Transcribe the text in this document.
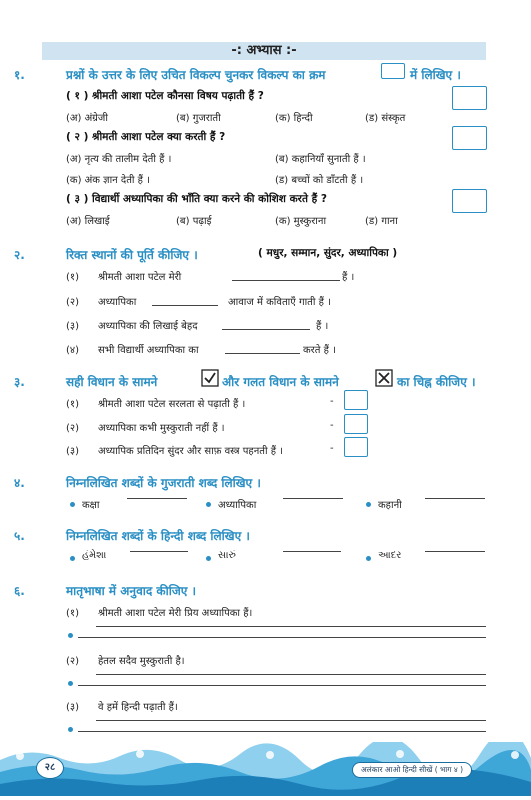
-: अभ्यास :-
१.	प्रश्नों के उत्तर के लिए उचित विकल्प चुनकर विकल्प का क्रम	में लिखिए ।
( १ ) श्रीमती आशा पटेल कौनसा विषय पढ़ाती हैं ?
(अ) अंग्रेजी	(ब) गुजराती	(क) हिन्दी	(ड) संस्कृत
( २ ) श्रीमती आशा पटेल क्या करती हैं ?
(अ) नृत्य की तालीम देती हैं ।	(ब) कहानियाँ सुनाती हैं ।
(क) अंक ज्ञान देती हैं ।	(ड) बच्चों को डाँटती हैं ।
( ३ ) विद्यार्थी अध्यापिका की भाँति क्या करने की कोशिश करते हैं ?
(अ) लिखाई	(ब) पढ़ाई	(क) मुस्कुराना	(ड) गाना
२.	रिक्त स्थानों की पूर्ति कीजिए ।	( मधुर, सम्मान, सुंदर, अध्यापिका )
(१) श्रीमती आशा पटेल मेरी	हैं ।
(२) अध्यापिका	आवाज में कविताएँ गाती हैं ।
(३) अध्यापिका की लिखाई बेहद	हैं ।
(४) सभी विद्यार्थी अध्यापिका का	करते हैं ।
३.	सही विधान के सामने	और गलत विधान के सामने	का चिह्न कीजिए ।
(१) श्रीमती आशा पटेल सरलता से पढ़ाती हैं ।	-
(२) अध्यापिका कभी मुस्कुराती नहीं हैं ।	-
(३) अध्यापिक प्रतिदिन सुंदर और साफ़ वस्त्र पहनती हैं ।	-
४.	निम्नलिखित शब्दों के गुजराती शब्द लिखिए ।
कक्षा	अध्यापिका	कहानी
५.	निम्नलिखित शब्दों के हिन्दी शब्द लिखिए ।
હંમેશા	સારું	આદર
६.	मातृभाषा में अनुवाद कीजिए ।
(१) श्रीमती आशा पटेल मेरी प्रिय अध्यापिका हैं।
(२) हेतल सदैव मुस्कुराती है।
(३) वे हमें हिन्दी पढ़ाती हैं।
२८	अलंकार आओ हिन्दी सीखें ( भाग ४ )
